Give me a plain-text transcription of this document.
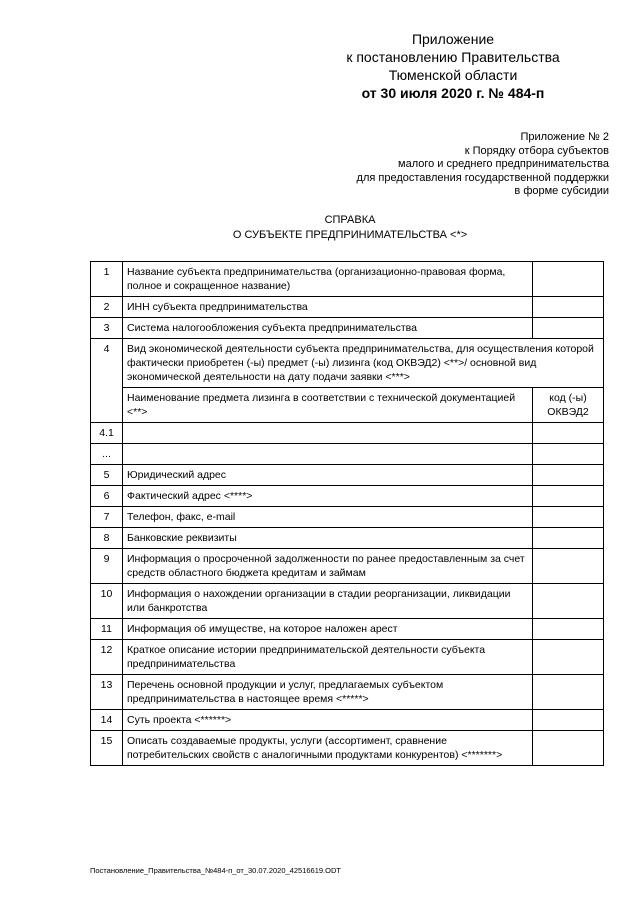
Приложение
к постановлению Правительства
Тюменской области
от 30 июля 2020 г. № 484-п
Приложение № 2
к Порядку отбора субъектов
малого и среднего предпринимательства
для предоставления государственной поддержки
в форме субсидии
СПРАВКА
О СУБЪЕКТЕ ПРЕДПРИНИМАТЕЛЬСТВА <*>
1	Название субъекта предпринимательства (организационно-правовая форма, полное и сокращенное название)	
2	ИНН субъекта предпринимательства	
3	Система налогообложения субъекта предпринимательства	
4	Вид экономической деятельности субъекта предпринимательства, для осуществления которой фактически приобретен (-ы) предмет (-ы) лизинга (код ОКВЭД2) <**>/ основной вид экономической деятельности на дату подачи заявки <***>	
	Наименование предмета лизинга в соответствии с технической документацией <**>	код (-ы) ОКВЭД2
4.1		
...		
5	Юридический адрес	
6	Фактический адрес <****>	
7	Телефон, факс, e-mail	
8	Банковские реквизиты	
9	Информация о просроченной задолженности по ранее предоставленным за счет средств областного бюджета кредитам и займам	
10	Информация о нахождении организации в стадии реорганизации, ликвидации или банкротства	
11	Информация об имуществе, на которое наложен арест	
12	Краткое описание истории предпринимательской деятельности субъекта предпринимательства	
13	Перечень основной продукции и услуг, предлагаемых субъектом предпринимательства в настоящее время <*****>	
14	Суть проекта <******>	
15	Описать создаваемые продукты, услуги (ассортимент, сравнение потребительских свойств с аналогичными продуктами конкурентов) <*******>	
Постановление_Правительства_№484-п_от_30.07.2020_42516619.ODT
